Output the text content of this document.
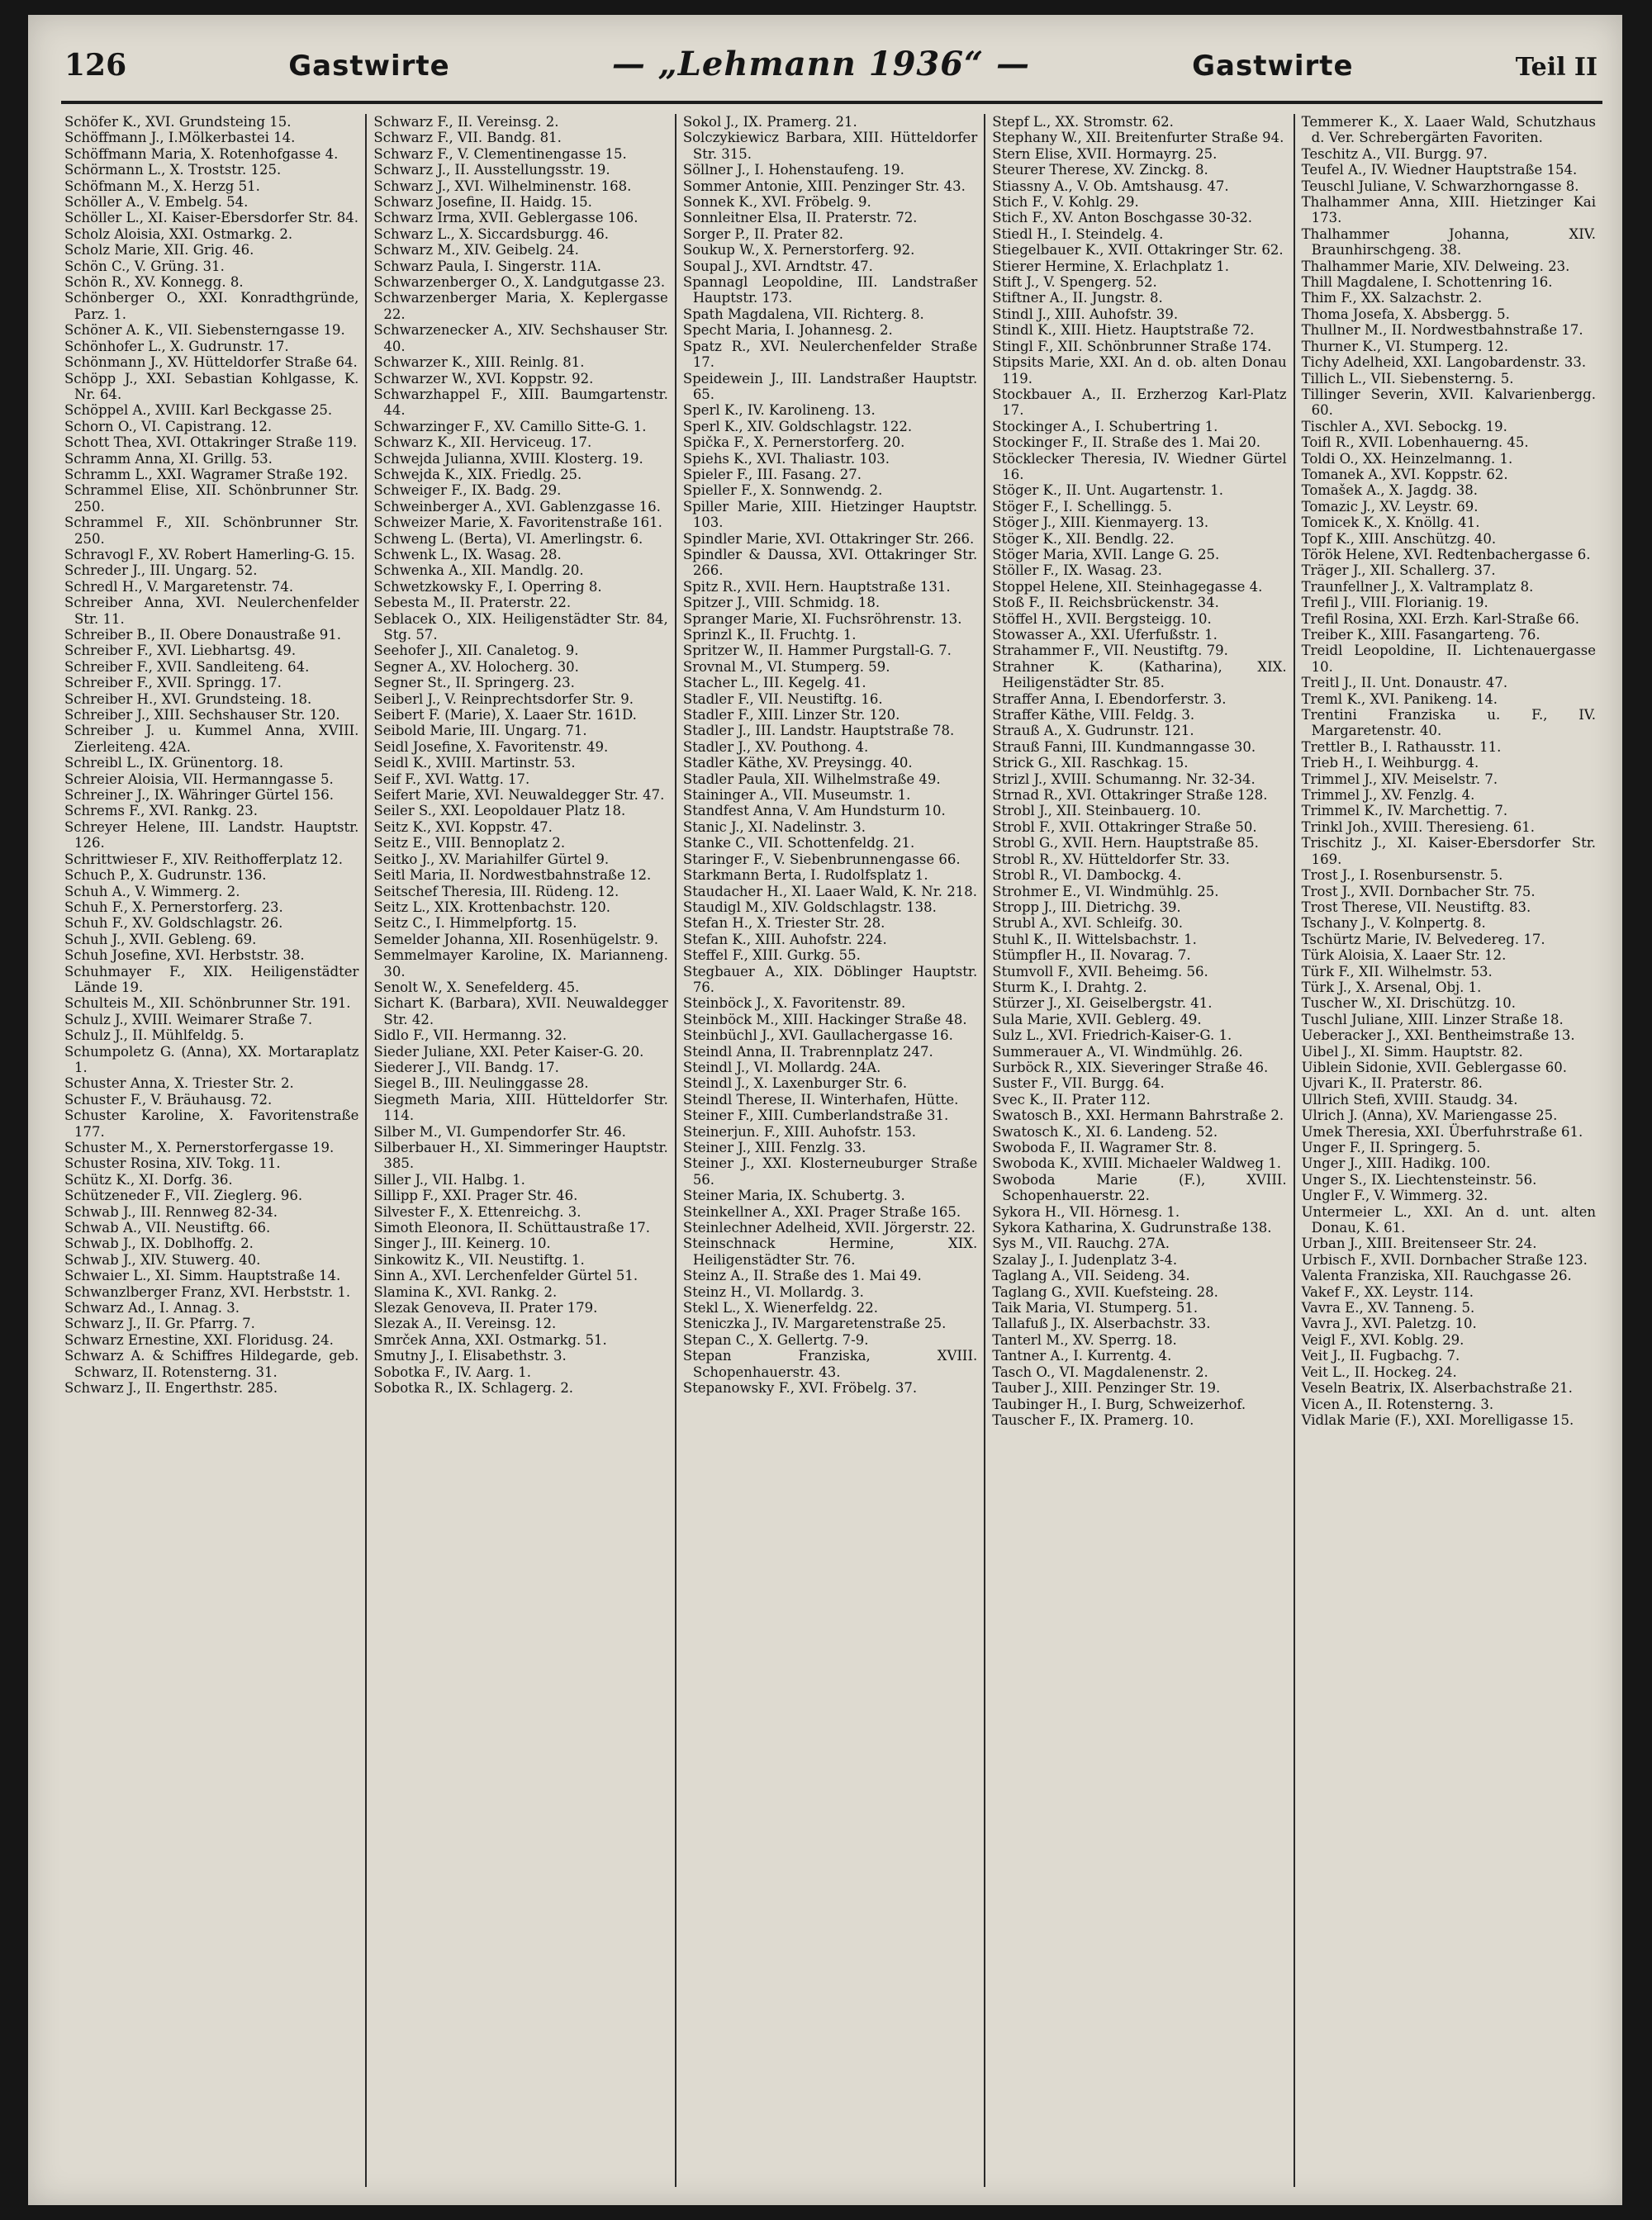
126	Gastwirte	— „Lehmann 1936“ —	Gastwirte	Teil II
Schöfer K., XVI. Grundsteing 15.
Schöffmann J., I.Mölkerbastei 14.
Schöffmann Maria, X. Rotenhofgasse 4.
Schörmann L., X. Troststr. 125.
Schöfmann M., X. Herzg 51.
Schöller A., V. Embelg. 54.
Schöller L., XI. Kaiser-Ebersdorfer Str. 84.
Scholz Aloisia, XXI. Ostmarkg. 2.
Scholz Marie, XII. Grig. 46.
Schön C., V. Grüng. 31.
Schön R., XV. Konnegg. 8.
Schönberger O., XXI. Konradthgründe, Parz. 1.
Schöner A. K., VII. Siebensterngasse 19.
Schönhofer L., X. Gudrunstr. 17.
Schönmann J., XV. Hütteldorfer Straße 64.
Schöpp J., XXI. Sebastian Kohlgasse, K. Nr. 64.
Schöppel A., XVIII. Karl Beckgasse 25.
Schorn O., VI. Capistrang. 12.
Schott Thea, XVI. Ottakringer Straße 119.
Schramm Anna, XI. Grillg. 53.
Schramm L., XXI. Wagramer Straße 192.
Schrammel Elise, XII. Schönbrunner Str. 250.
Schrammel F., XII. Schönbrunner Str. 250.
Schravogl F., XV. Robert Hamerling-G. 15.
Schreder J., III. Ungarg. 52.
Schredl H., V. Margaretenstr. 74.
Schreiber Anna, XVI. Neulerchenfelder Str. 11.
Schreiber B., II. Obere Donaustraße 91.
Schreiber F., XVI. Liebhartsg. 49.
Schreiber F., XVII. Sandleiteng. 64.
Schreiber F., XVII. Springg. 17.
Schreiber H., XVI. Grundsteing. 18.
Schreiber J., XIII. Sechshauser Str. 120.
Schreiber J. u. Kummel Anna, XVIII. Zierleiteng. 42A.
Schreibl L., IX. Grünentorg. 18.
Schreier Aloisia, VII. Hermanngasse 5.
Schreiner J., IX. Währinger Gürtel 156.
Schrems F., XVI. Rankg. 23.
Schreyer Helene, III. Landstr. Hauptstr. 126.
Schrittwieser F., XIV. Reithofferplatz 12.
Schuch P., X. Gudrunstr. 136.
Schuh A., V. Wimmerg. 2.
Schuh F., X. Pernerstorferg. 23.
Schuh F., XV. Goldschlagstr. 26.
Schuh J., XVII. Gebleng. 69.
Schuh Josefine, XVI. Herbststr. 38.
Schuhmayer F., XIX. Heiligenstädter Lände 19.
Schulteis M., XII. Schönbrunner Str. 191.
Schulz J., XVIII. Weimarer Straße 7.
Schulz J., II. Mühlfeldg. 5.
Schumpoletz G. (Anna), XX. Mortaraplatz 1.
Schuster Anna, X. Triester Str. 2.
Schuster F., V. Bräuhausg. 72.
Schuster Karoline, X. Favoritenstraße 177.
Schuster M., X. Pernerstorfergasse 19.
Schuster Rosina, XIV. Tokg. 11.
Schütz K., XI. Dorfg. 36.
Schützeneder F., VII. Zieglerg. 96.
Schwab J., III. Rennweg 82-34.
Schwab A., VII. Neustiftg. 66.
Schwab J., IX. Doblhoffg. 2.
Schwab J., XIV. Stuwerg. 40.
Schwaier L., XI. Simm. Hauptstraße 14.
Schwanzlberger Franz, XVI. Herbststr. 1.
Schwarz Ad., I. Annag. 3.
Schwarz J., II. Gr. Pfarrg. 7.
Schwarz Ernestine, XXI. Floridusg. 24.
Schwarz A. & Schiffres Hildegarde, geb. Schwarz, II. Rotensterng. 31.
Schwarz J., II. Engerthstr. 285.
Schwarz F., II. Vereinsg. 2.
Schwarz F., VII. Bandg. 81.
Schwarz F., V. Clementinengasse 15.
Schwarz J., II. Ausstellungsstr. 19.
Schwarz J., XVI. Wilhelminenstr. 168.
Schwarz Josefine, II. Haidg. 15.
Schwarz Irma, XVII. Geblergasse 106.
Schwarz L., X. Siccardsburgg. 46.
Schwarz M., XIV. Geibelg. 24.
Schwarz Paula, I. Singerstr. 11A.
Schwarzenberger O., X. Landgutgasse 23.
Schwarzenberger Maria, X. Keplergasse 22.
Schwarzenecker A., XIV. Sechshauser Str. 40.
Schwarzer K., XIII. Reinlg. 81.
Schwarzer W., XVI. Koppstr. 92.
Schwarzhappel F., XIII. Baumgartenstr. 44.
Schwarzinger F., XV. Camillo Sitte-G. 1.
Schwarz K., XII. Herviceug. 17.
Schwejda Julianna, XVIII. Klosterg. 19.
Schwejda K., XIX. Friedlg. 25.
Schweiger F., IX. Badg. 29.
Schweinberger A., XVI. Gablenzgasse 16.
Schweizer Marie, X. Favoritenstraße 161.
Schweng L. (Berta), VI. Amerlingstr. 6.
Schwenk L., IX. Wasag. 28.
Schwenka A., XII. Mandlg. 20.
Schwetzkowsky F., I. Operring 8.
Sebesta M., II. Praterstr. 22.
Seblacek O., XIX. Heiligenstädter Str. 84, Stg. 57.
Seehofer J., XII. Canaletog. 9.
Segner A., XV. Holocherg. 30.
Segner St., II. Springerg. 23.
Seiberl J., V. Reinprechtsdorfer Str. 9.
Seibert F. (Marie), X. Laaer Str. 161D.
Seibold Marie, III. Ungarg. 71.
Seidl Josefine, X. Favoritenstr. 49.
Seidl K., XVIII. Martinstr. 53.
Seif F., XVI. Wattg. 17.
Seifert Marie, XVI. Neuwaldegger Str. 47.
Seiler S., XXI. Leopoldauer Platz 18.
Seitz K., XVI. Koppstr. 47.
Seitz E., VIII. Bennoplatz 2.
Seitko J., XV. Mariahilfer Gürtel 9.
Seitl Maria, II. Nordwestbahnstraße 12.
Seitschef Theresia, III. Rüdeng. 12.
Seitz L., XIX. Krottenbachstr. 120.
Seitz C., I. Himmelpfortg. 15.
Semelder Johanna, XII. Rosenhügelstr. 9.
Semmelmayer Karoline, IX. Marianneng. 30.
Senolt W., X. Senefelderg. 45.
Sichart K. (Barbara), XVII. Neuwaldegger Str. 42.
Sidlo F., VII. Hermanng. 32.
Sieder Juliane, XXI. Peter Kaiser-G. 20.
Siederer J., VII. Bandg. 17.
Siegel B., III. Neulinggasse 28.
Siegmeth Maria, XIII. Hütteldorfer Str. 114.
Silber M., VI. Gumpendorfer Str. 46.
Silberbauer H., XI. Simmeringer Hauptstr. 385.
Siller J., VII. Halbg. 1.
Sillipp F., XXI. Prager Str. 46.
Silvester F., X. Ettenreichg. 3.
Simoth Eleonora, II. Schüttaustraße 17.
Singer J., III. Keinerg. 10.
Sinkowitz K., VII. Neustiftg. 1.
Sinn A., XVI. Lerchenfelder Gürtel 51.
Slamina K., XVI. Rankg. 2.
Slezak Genoveva, II. Prater 179.
Slezak A., II. Vereinsg. 12.
Smrček Anna, XXI. Ostmarkg. 51.
Smutny J., I. Elisabethstr. 3.
Sobotka F., IV. Aarg. 1.
Sobotka R., IX. Schlagerg. 2.
Sokol J., IX. Pramerg. 21.
Solczykiewicz Barbara, XIII. Hütteldorfer Str. 315.
Söllner J., I. Hohenstaufeng. 19.
Sommer Antonie, XIII. Penzinger Str. 43.
Sonnek K., XVI. Fröbelg. 9.
Sonnleitner Elsa, II. Praterstr. 72.
Sorger P., II. Prater 82.
Soukup W., X. Pernerstorferg. 92.
Soupal J., XVI. Arndtstr. 47.
Spannagl Leopoldine, III. Landstraßer Hauptstr. 173.
Spath Magdalena, VII. Richterg. 8.
Specht Maria, I. Johannesg. 2.
Spatz R., XVI. Neulerchenfelder Straße 17.
Speidewein J., III. Landstraßer Hauptstr. 65.
Sperl K., IV. Karolineng. 13.
Sperl K., XIV. Goldschlagstr. 122.
Spička F., X. Pernerstorferg. 20.
Spiehs K., XVI. Thaliastr. 103.
Spieler F., III. Fasang. 27.
Spieller F., X. Sonnwendg. 2.
Spiller Marie, XIII. Hietzinger Hauptstr. 103.
Spindler Marie, XVI. Ottakringer Str. 266.
Spindler & Daussa, XVI. Ottakringer Str. 266.
Spitz R., XVII. Hern. Hauptstraße 131.
Spitzer J., VIII. Schmidg. 18.
Spranger Marie, XI. Fuchsröhrenstr. 13.
Sprinzl K., II. Fruchtg. 1.
Spritzer W., II. Hammer Purgstall-G. 7.
Srovnal M., VI. Stumperg. 59.
Stacher L., III. Kegelg. 41.
Stadler F., VII. Neustiftg. 16.
Stadler F., XIII. Linzer Str. 120.
Stadler J., III. Landstr. Hauptstraße 78.
Stadler J., XV. Pouthong. 4.
Stadler Käthe, XV. Preysingg. 40.
Stadler Paula, XII. Wilhelmstraße 49.
Staininger A., VII. Museumstr. 1.
Standfest Anna, V. Am Hundsturm 10.
Stanic J., XI. Nadelinstr. 3.
Stanke C., VII. Schottenfeldg. 21.
Staringer F., V. Siebenbrunnengasse 66.
Starkmann Berta, I. Rudolfsplatz 1.
Staudacher H., XI. Laaer Wald, K. Nr. 218.
Staudigl M., XIV. Goldschlagstr. 138.
Stefan H., X. Triester Str. 28.
Stefan K., XIII. Auhofstr. 224.
Steffel F., XIII. Gurkg. 55.
Stegbauer A., XIX. Döblinger Hauptstr. 76.
Steinböck J., X. Favoritenstr. 89.
Steinböck M., XIII. Hackinger Straße 48.
Steinbüchl J., XVI. Gaullachergasse 16.
Steindl Anna, II. Trabrennplatz 247.
Steindl J., VI. Mollardg. 24A.
Steindl J., X. Laxenburger Str. 6.
Steindl Therese, II. Winterhafen, Hütte.
Steiner F., XIII. Cumberlandstraße 31.
Steinerjun. F., XIII. Auhofstr. 153.
Steiner J., XIII. Fenzlg. 33.
Steiner J., XXI. Klosterneuburger Straße 56.
Steiner Maria, IX. Schubertg. 3.
Steinkellner A., XXI. Prager Straße 165.
Steinlechner Adelheid, XVII. Jörgerstr. 22.
Steinschnack Hermine, XIX. Heiligenstädter Str. 76.
Steinz A., II. Straße des 1. Mai 49.
Steinz H., VI. Mollardg. 3.
Stekl L., X. Wienerfeldg. 22.
Steniczka J., IV. Margaretenstraße 25.
Stepan C., X. Gellertg. 7-9.
Stepan Franziska, XVIII. Schopenhauerstr. 43.
Stepanowsky F., XVI. Fröbelg. 37.
Stepf L., XX. Stromstr. 62.
Stephany W., XII. Breitenfurter Straße 94.
Stern Elise, XVII. Hormayrg. 25.
Steurer Therese, XV. Zinckg. 8.
Stiassny A., V. Ob. Amtshausg. 47.
Stich F., V. Kohlg. 29.
Stich F., XV. Anton Boschgasse 30-32.
Stiedl H., I. Steindelg. 4.
Stiegelbauer K., XVII. Ottakringer Str. 62.
Stierer Hermine, X. Erlachplatz 1.
Stift J., V. Spengerg. 52.
Stiftner A., II. Jungstr. 8.
Stindl J., XIII. Auhofstr. 39.
Stindl K., XIII. Hietz. Hauptstraße 72.
Stingl F., XII. Schönbrunner Straße 174.
Stipsits Marie, XXI. An d. ob. alten Donau 119.
Stockbauer A., II. Erzherzog Karl-Platz 17.
Stockinger A., I. Schubertring 1.
Stockinger F., II. Straße des 1. Mai 20.
Stöcklecker Theresia, IV. Wiedner Gürtel 16.
Stöger K., II. Unt. Augartenstr. 1.
Stöger F., I. Schellingg. 5.
Stöger J., XIII. Kienmayerg. 13.
Stöger K., XII. Bendlg. 22.
Stöger Maria, XVII. Lange G. 25.
Stöller F., IX. Wasag. 23.
Stoppel Helene, XII. Steinhagegasse 4.
Stoß F., II. Reichsbrückenstr. 34.
Stöffel H., XVII. Bergsteigg. 10.
Stowasser A., XXI. Uferfußstr. 1.
Strahammer F., VII. Neustiftg. 79.
Strahner K. (Katharina), XIX. Heiligenstädter Str. 85.
Straffer Anna, I. Ebendorferstr. 3.
Straffer Käthe, VIII. Feldg. 3.
Strauß A., X. Gudrunstr. 121.
Strauß Fanni, III. Kundmanngasse 30.
Strick G., XII. Raschkag. 15.
Strizl J., XVIII. Schumanng. Nr. 32-34.
Strnad R., XVI. Ottakringer Straße 128.
Strobl J., XII. Steinbauerg. 10.
Strobl F., XVII. Ottakringer Straße 50.
Strobl G., XVII. Hern. Hauptstraße 85.
Strobl R., XV. Hütteldorfer Str. 33.
Strobl R., VI. Dambockg. 4.
Strohmer E., VI. Windmühlg. 25.
Stropp J., III. Dietrichg. 39.
Strubl A., XVI. Schleifg. 30.
Stuhl K., II. Wittelsbachstr. 1.
Stümpfler H., II. Novarag. 7.
Stumvoll F., XVII. Beheimg. 56.
Sturm K., I. Drahtg. 2.
Stürzer J., XI. Geiselbergstr. 41.
Sula Marie, XVII. Geblerg. 49.
Sulz L., XVI. Friedrich-Kaiser-G. 1.
Summerauer A., VI. Windmühlg. 26.
Surböck R., XIX. Sieveringer Straße 46.
Suster F., VII. Burgg. 64.
Svec K., II. Prater 112.
Swatosch B., XXI. Hermann Bahrstraße 2.
Swatosch K., XI. 6. Landeng. 52.
Swoboda F., II. Wagramer Str. 8.
Swoboda K., XVIII. Michaeler Waldweg 1.
Swoboda Marie (F.), XVIII. Schopenhauerstr. 22.
Sykora H., VII. Hörnesg. 1.
Sykora Katharina, X. Gudrunstraße 138.
Sys M., VII. Rauchg. 27A.
Szalay J., I. Judenplatz 3-4.
Taglang A., VII. Seideng. 34.
Taglang G., XVII. Kuefsteing. 28.
Taik Maria, VI. Stumperg. 51.
Tallafuß J., IX. Alserbachstr. 33.
Tanterl M., XV. Sperrg. 18.
Tantner A., I. Kurrentg. 4.
Tasch O., VI. Magdalenenstr. 2.
Tauber J., XIII. Penzinger Str. 19.
Taubinger H., I. Burg, Schweizerhof.
Tauscher F., IX. Pramerg. 10.
Temmerer K., X. Laaer Wald, Schutzhaus d. Ver. Schrebergärten Favoriten.
Teschitz A., VII. Burgg. 97.
Teufel A., IV. Wiedner Hauptstraße 154.
Teuschl Juliane, V. Schwarzhorngasse 8.
Thalhammer Anna, XIII. Hietzinger Kai 173.
Thalhammer Johanna, XIV. Braunhirschgeng. 38.
Thalhammer Marie, XIV. Delweing. 23.
Thill Magdalene, I. Schottenring 16.
Thim F., XX. Salzachstr. 2.
Thoma Josefa, X. Absbergg. 5.
Thullner M., II. Nordwestbahnstraße 17.
Thurner K., VI. Stumperg. 12.
Tichy Adelheid, XXI. Langobardenstr. 33.
Tillich L., VII. Siebensterng. 5.
Tillinger Severin, XVII. Kalvarienbergg. 60.
Tischler A., XVI. Sebockg. 19.
Toifl R., XVII. Lobenhauerng. 45.
Toldi O., XX. Heinzelmanng. 1.
Tomanek A., XVI. Koppstr. 62.
Tomašek A., X. Jagdg. 38.
Tomazic J., XV. Leystr. 69.
Tomicek K., X. Knöllg. 41.
Topf K., XIII. Anschützg. 40.
Török Helene, XVI. Redtenbachergasse 6.
Träger J., XII. Schallerg. 37.
Traunfellner J., X. Valtramplatz 8.
Trefil J., VIII. Florianig. 19.
Trefil Rosina, XXI. Erzh. Karl-Straße 66.
Treiber K., XIII. Fasangarteng. 76.
Treidl Leopoldine, II. Lichtenauergasse 10.
Treitl J., II. Unt. Donaustr. 47.
Treml K., XVI. Panikeng. 14.
Trentini Franziska u. F., IV. Margaretenstr. 40.
Trettler B., I. Rathausstr. 11.
Trieb H., I. Weihburgg. 4.
Trimmel J., XIV. Meiselstr. 7.
Trimmel J., XV. Fenzlg. 4.
Trimmel K., IV. Marchettig. 7.
Trinkl Joh., XVIII. Theresieng. 61.
Trischitz J., XI. Kaiser-Ebersdorfer Str. 169.
Trost J., I. Rosenbursenstr. 5.
Trost J., XVII. Dornbacher Str. 75.
Trost Therese, VII. Neustiftg. 83.
Tschany J., V. Kolnpertg. 8.
Tschürtz Marie, IV. Belvedereg. 17.
Türk Aloisia, X. Laaer Str. 12.
Türk F., XII. Wilhelmstr. 53.
Türk J., X. Arsenal, Obj. 1.
Tuscher W., XI. Drischützg. 10.
Tuschl Juliane, XIII. Linzer Straße 18.
Ueberacker J., XXI. Bentheimstraße 13.
Uibel J., XI. Simm. Hauptstr. 82.
Uiblein Sidonie, XVII. Geblergasse 60.
Ujvari K., II. Praterstr. 86.
Ullrich Stefi, XVIII. Staudg. 34.
Ulrich J. (Anna), XV. Mariengasse 25.
Umek Theresia, XXI. Überfuhrstraße 61.
Unger F., II. Springerg. 5.
Unger J., XIII. Hadikg. 100.
Unger S., IX. Liechtensteinstr. 56.
Ungler F., V. Wimmerg. 32.
Untermeier L., XXI. An d. unt. alten Donau, K. 61.
Urban J., XIII. Breitenseer Str. 24.
Urbisch F., XVII. Dornbacher Straße 123.
Valenta Franziska, XII. Rauchgasse 26.
Vakef F., XX. Leystr. 114.
Vavra E., XV. Tanneng. 5.
Vavra J., XVI. Paletzg. 10.
Veigl F., XVI. Koblg. 29.
Veit J., II. Fugbachg. 7.
Veit L., II. Hockeg. 24.
Veseln Beatrix, IX. Alserbachstraße 21.
Vicen A., II. Rotensterng. 3.
Vidlak Marie (F.), XXI. Morelligasse 15.
